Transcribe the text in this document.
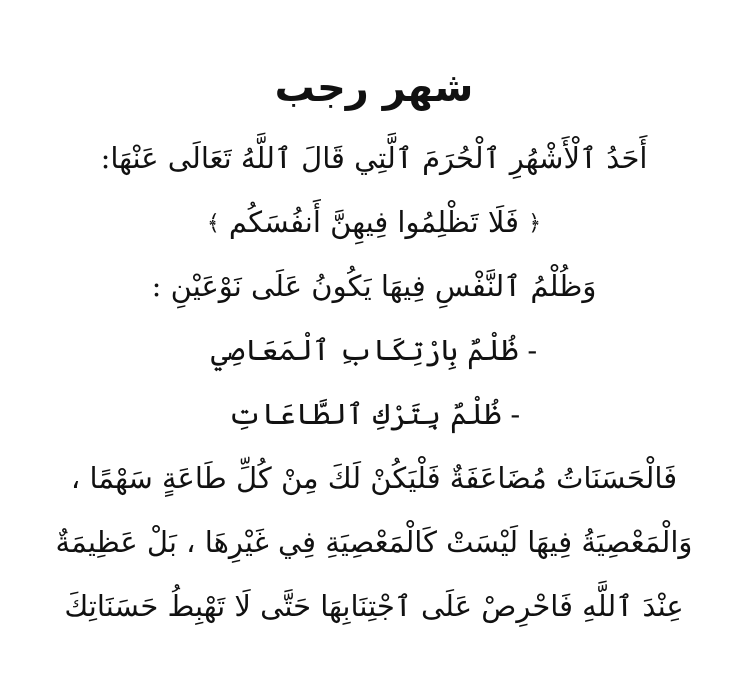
شهر رجب
أَحَدُ ٱلْأَشْهُرِ ٱلْحُرَمَ ٱلَّتِي قَالَ ٱللَّهُ تَعَالَى عَنْهَا:
﴿ فَلَا تَظْلِمُوا فِيهِنَّ أَنفُسَكُم ﴾
وَظُلْمُ ٱلنَّفْسِ فِيهَا يَكُونُ عَلَى نَوْعَيْنِ :
- ظُلْمٌ بِارْتِكَابِ ٱلْمَعَاصِي
- ظُلْمٌ بِتَرْكِ ٱلطَّاعَاتِ
فَالْحَسَنَاتُ مُضَاعَفَةٌ فَلْيَكُنْ لَكَ مِنْ كُلِّ طَاعَةٍ سَهْمًا ،
وَالْمَعْصِيَةُ فِيهَا لَيْسَتْ كَالْمَعْصِيَةِ فِي غَيْرِهَا ، بَلْ عَظِيمَةٌ
عِنْدَ ٱللَّهِ فَاحْرِصْ عَلَى ٱجْتِنَابِهَا حَتَّى لَا تَهْبِطُ حَسَنَاتِكَ
